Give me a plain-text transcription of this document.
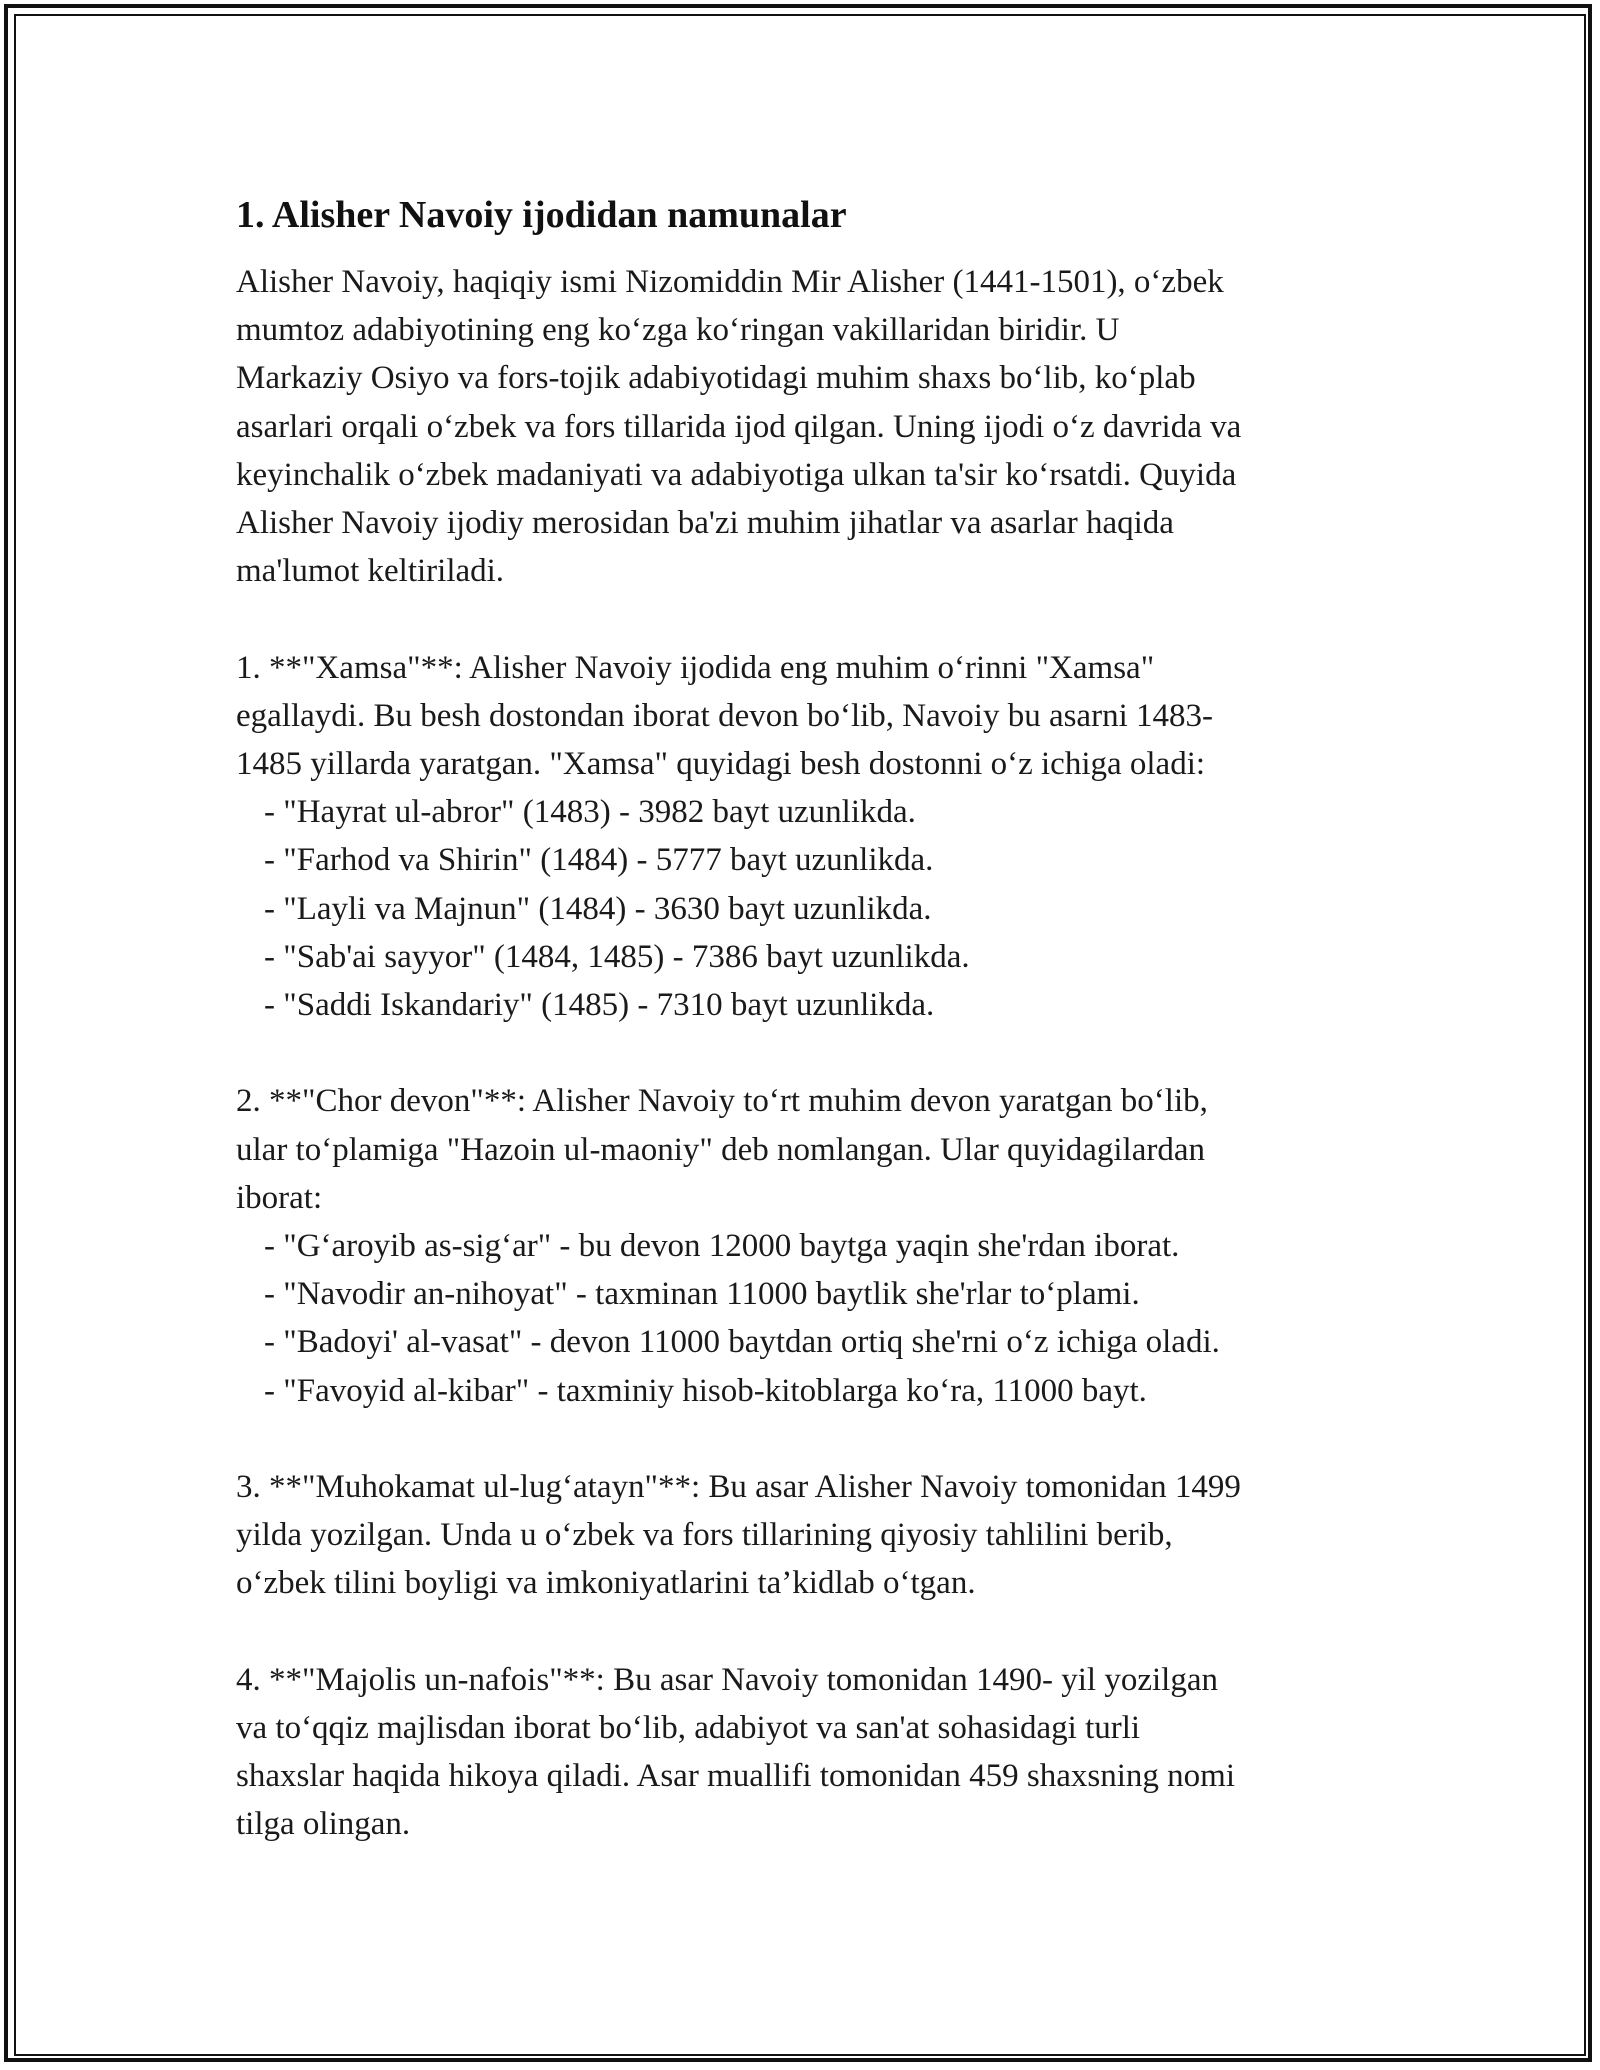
1. Alisher Navoiy ijodidan namunalar

Alisher Navoiy, haqiqiy ismi Nizomiddin Mir Alisher (1441-1501), o‘zbek

mumtoz adabiyotining eng ko‘zga ko‘ringan vakillaridan biridir. U

Markaziy Osiyo va fors-tojik adabiyotidagi muhim shaxs bo‘lib, ko‘plab

asarlari orqali o‘zbek va fors tillarida ijod qilgan. Uning ijodi o‘z davrida va

keyinchalik o‘zbek madaniyati va adabiyotiga ulkan ta'sir ko‘rsatdi. Quyida

Alisher Navoiy ijodiy merosidan ba'zi muhim jihatlar va asarlar haqida

ma'lumot keltiriladi.

1. **"Xamsa"**: Alisher Navoiy ijodida eng muhim o‘rinni "Xamsa"

egallaydi. Bu besh dostondan iborat devon bo‘lib, Navoiy bu asarni 1483-

1485 yillarda yaratgan. "Xamsa" quyidagi besh dostonni o‘z ichiga oladi:

- "Hayrat ul-abror" (1483) - 3982 bayt uzunlikda.

- "Farhod va Shirin" (1484) - 5777 bayt uzunlikda.

- "Layli va Majnun" (1484) - 3630 bayt uzunlikda.

- "Sab'ai sayyor" (1484, 1485) - 7386 bayt uzunlikda.

- "Saddi Iskandariy" (1485) - 7310 bayt uzunlikda.

2. **"Chor devon"**: Alisher Navoiy to‘rt muhim devon yaratgan bo‘lib,

ular to‘plamiga "Hazoin ul-maoniy" deb nomlangan. Ular quyidagilardan

iborat:

- "G‘aroyib as-sig‘ar" - bu devon 12000 baytga yaqin she'rdan iborat.

- "Navodir an-nihoyat" - taxminan 11000 baytlik she'rlar to‘plami.

- "Badoyi' al-vasat" - devon 11000 baytdan ortiq she'rni o‘z ichiga oladi.

- "Favoyid al-kibar" - taxminiy hisob-kitoblarga ko‘ra, 11000 bayt.

3. **"Muhokamat ul-lug‘atayn"**: Bu asar Alisher Navoiy tomonidan 1499

yilda yozilgan. Unda u o‘zbek va fors tillarining qiyosiy tahlilini berib,

o‘zbek tilini boyligi va imkoniyatlarini ta’kidlab o‘tgan.

4. **"Majolis un-nafois"**: Bu asar Navoiy tomonidan 1490- yil yozilgan

va to‘qqiz majlisdan iborat bo‘lib, adabiyot va san'at sohasidagi turli

shaxslar haqida hikoya qiladi. Asar muallifi tomonidan 459 shaxsning nomi

tilga olingan.
